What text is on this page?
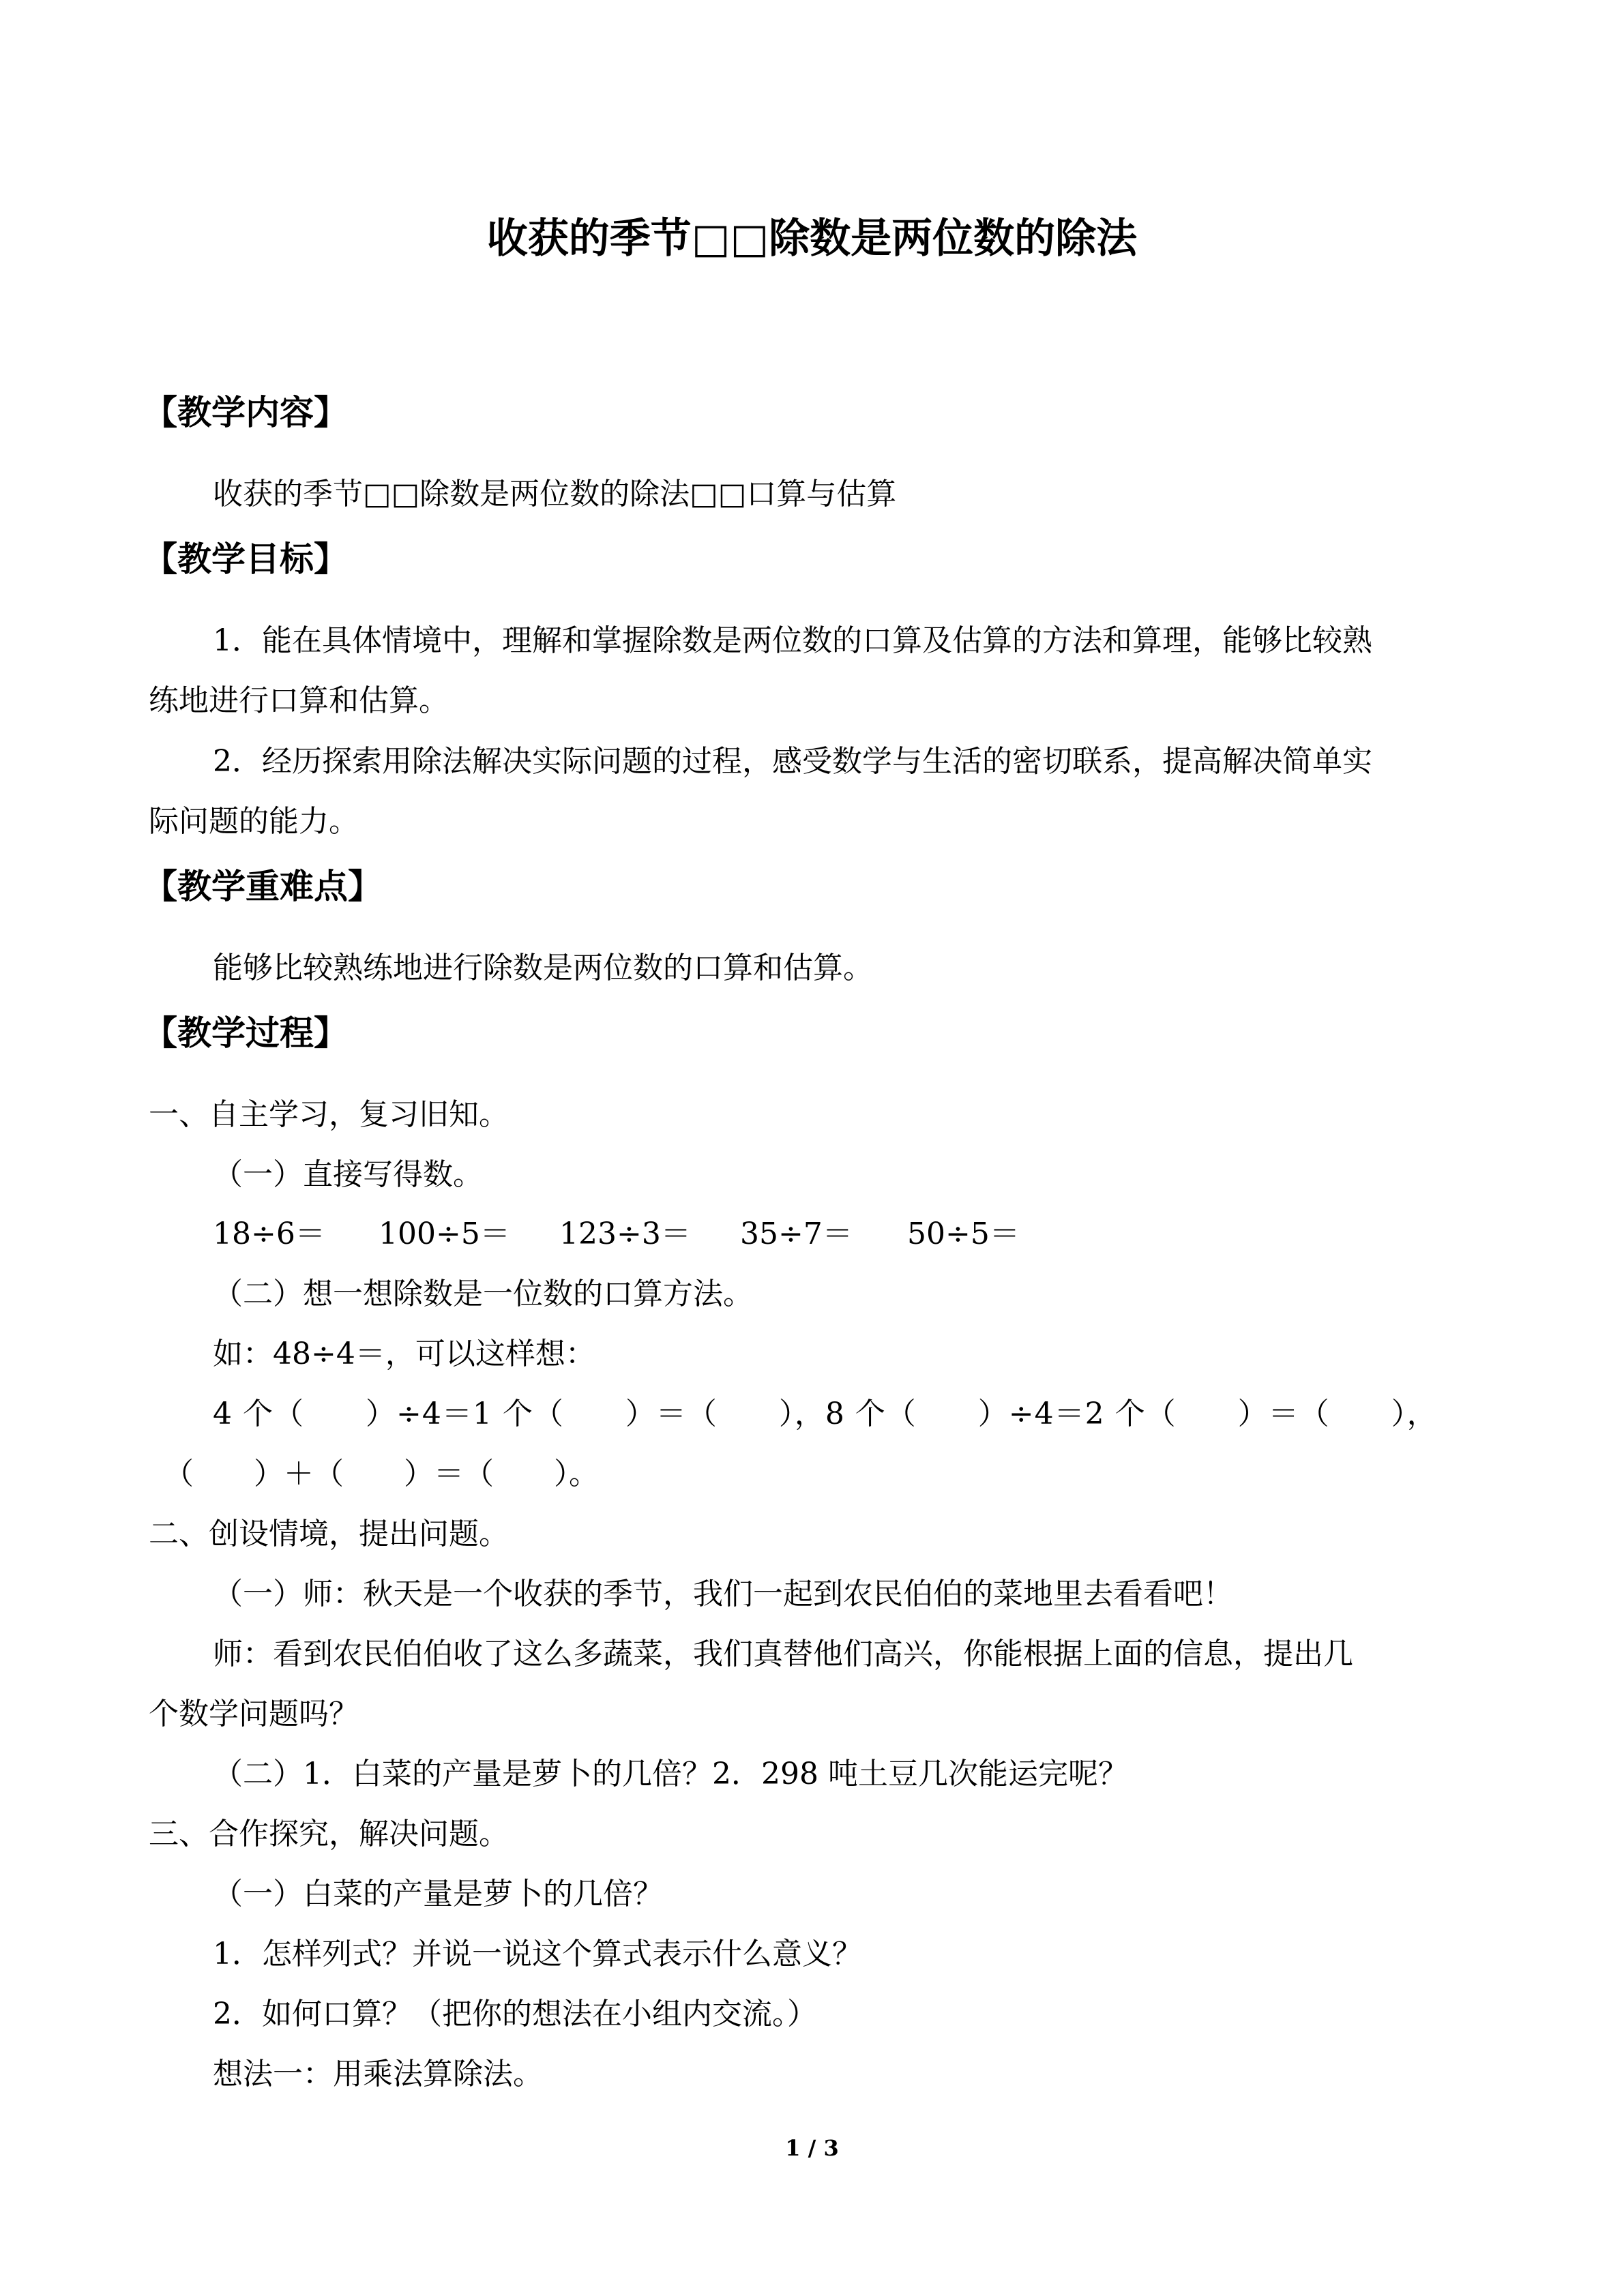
收获的季节□□除数是两位数的除法
【教学内容】

收获的季节□□除数是两位数的除法□□口算与估算

【教学目标】

1．能在具体情境中，理解和掌握除数是两位数的口算及估算的方法和算理，能够比较熟

练地进行口算和估算。

2．经历探索用除法解决实际问题的过程，感受数学与生活的密切联系，提高解决简单实

际问题的能力。

【教学重难点】

能够比较熟练地进行除数是两位数的口算和估算。

【教学过程】

一、自主学习，复习旧知。

（一）直接写得数。

18÷6＝ 100÷5＝ 123÷3＝ 35÷7＝ 50÷5＝

（二）想一想除数是一位数的口算方法。

如：48÷4＝，可以这样想：

4 个（　　）÷4＝1 个（　　）＝（　　），8 个（　　）÷4＝2 个（　　）＝（　　），

（　　）＋（　　）＝（　　）。

二、创设情境，提出问题。

（一）师：秋天是一个收获的季节，我们一起到农民伯伯的菜地里去看看吧！

师：看到农民伯伯收了这么多蔬菜，我们真替他们高兴，你能根据上面的信息，提出几

个数学问题吗？

（二）1．白菜的产量是萝卜的几倍？2．298 吨土豆几次能运完呢？

三、合作探究，解决问题。

（一）白菜的产量是萝卜的几倍？

1．怎样列式？并说一说这个算式表示什么意义？

2．如何口算？（把你的想法在小组内交流。）

想法一：用乘法算除法。

1 / 3
